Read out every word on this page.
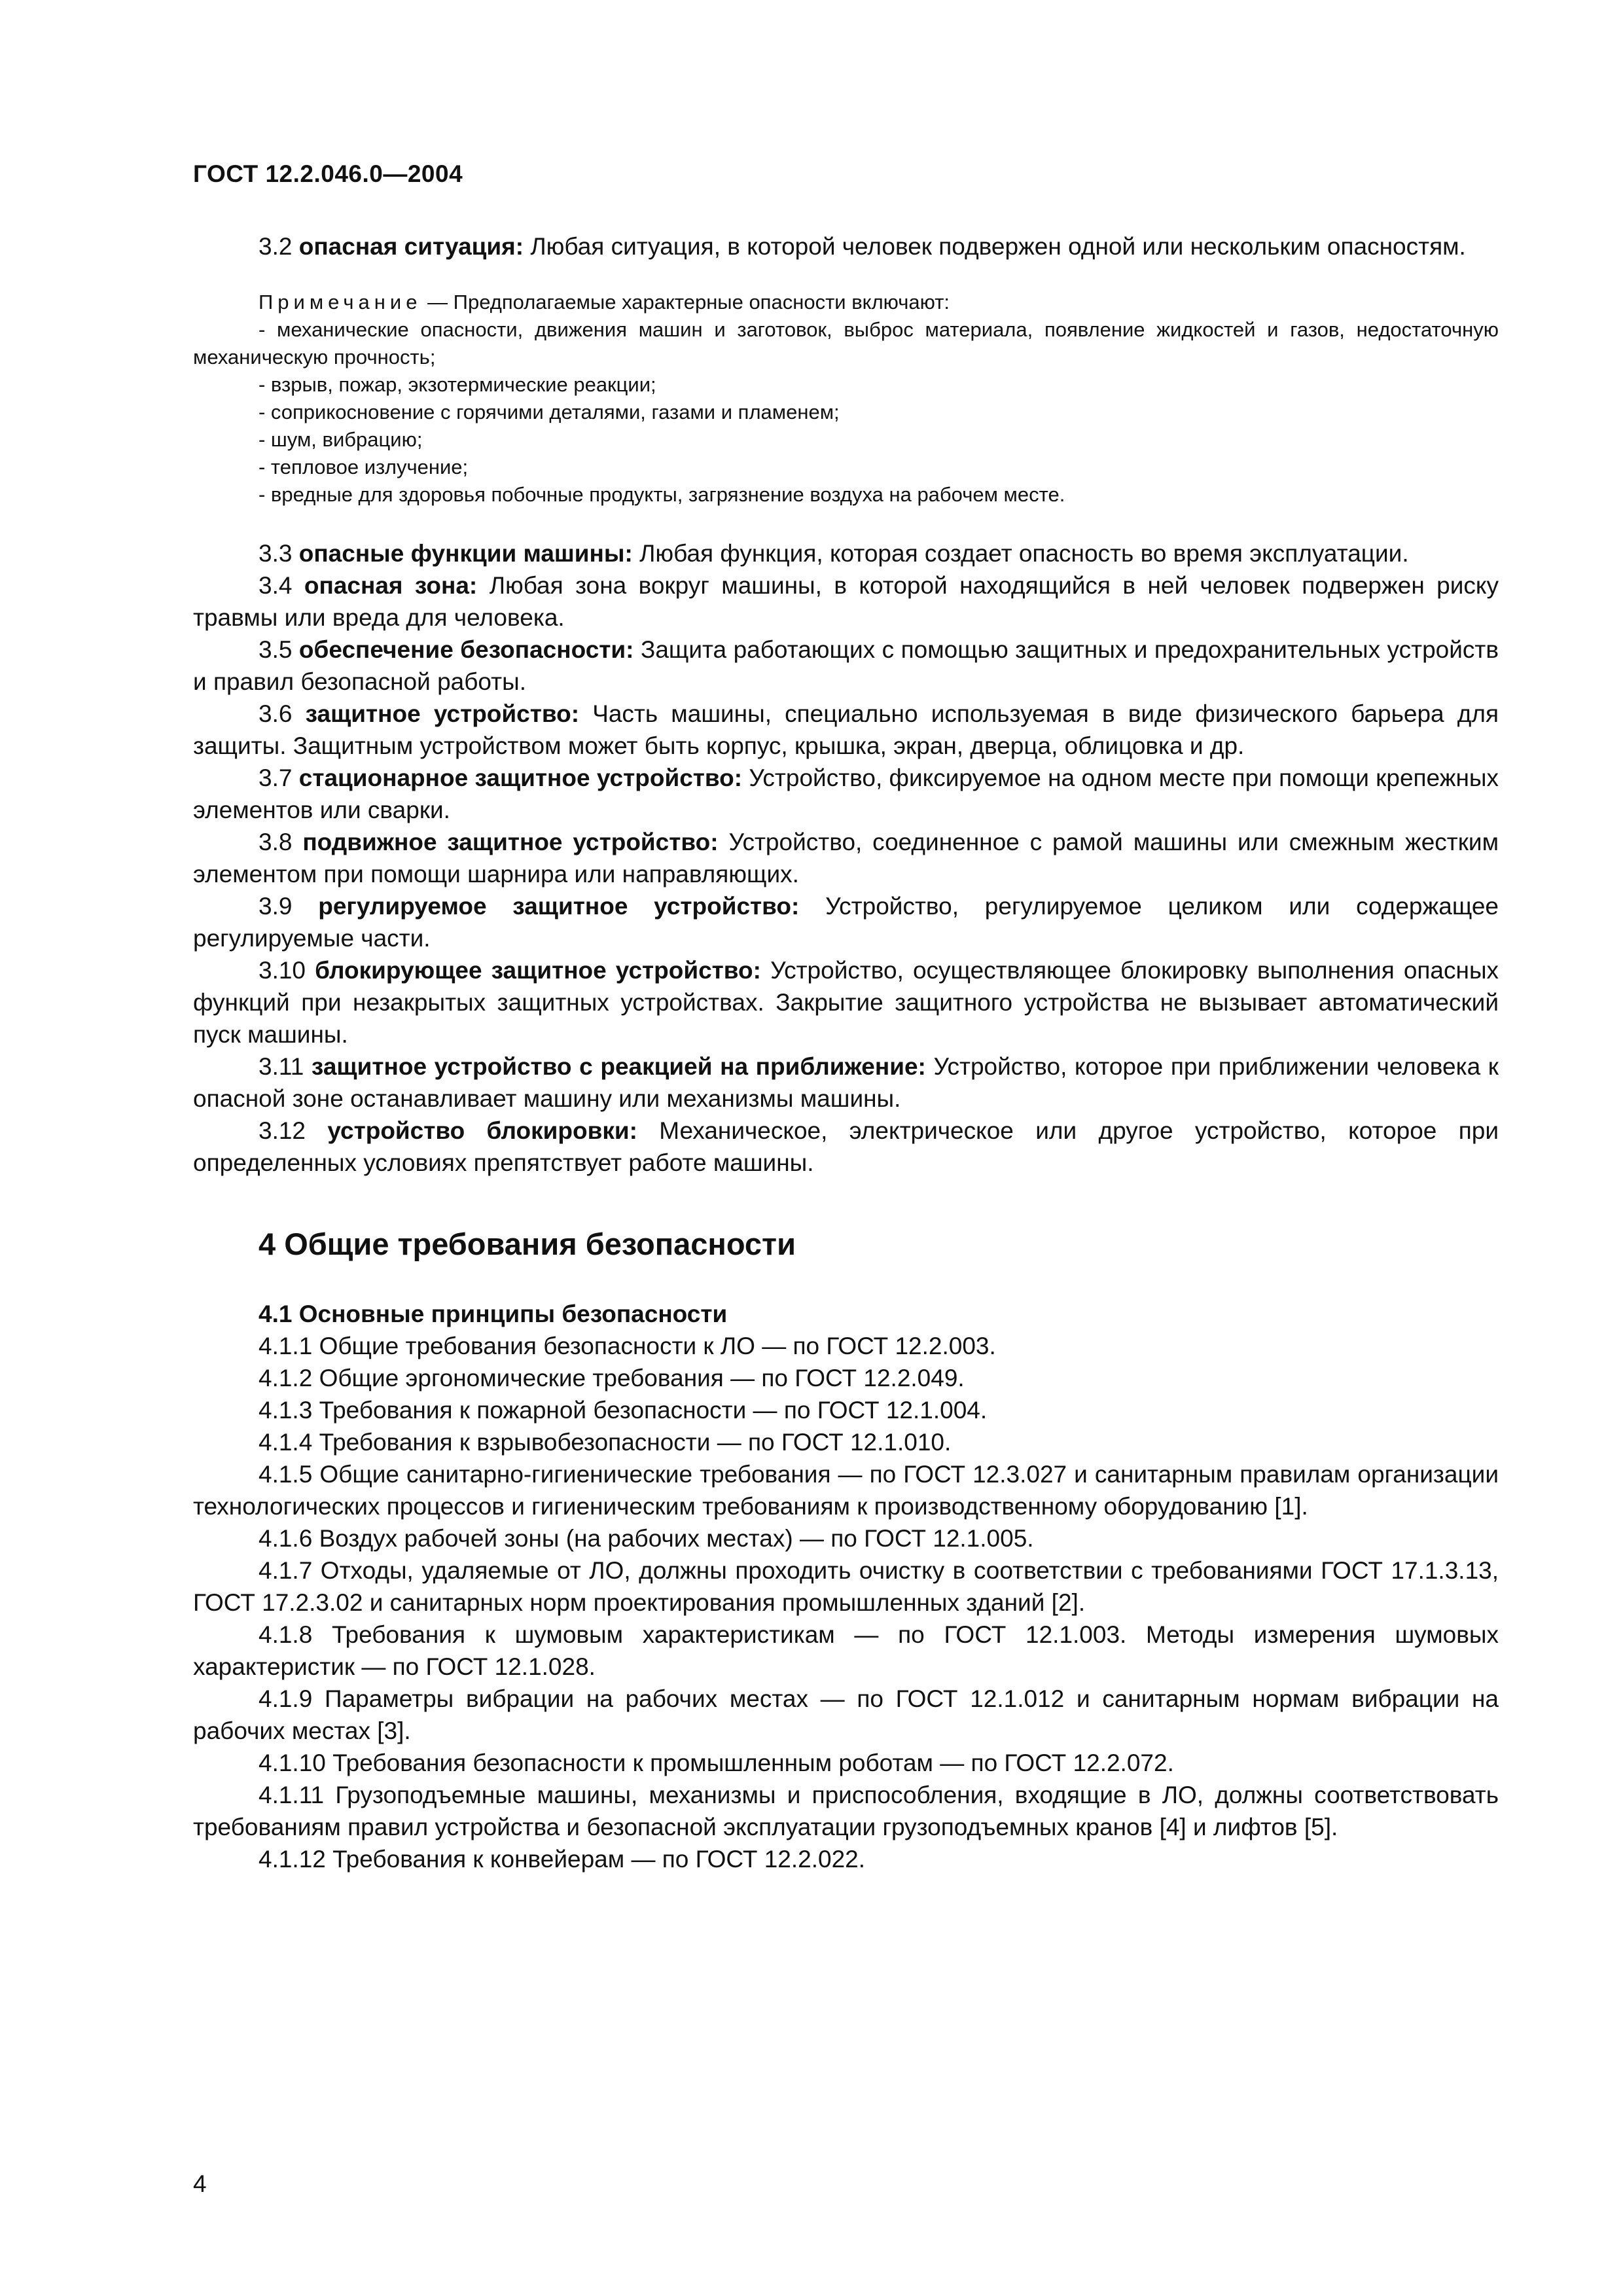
ГОСТ 12.2.046.0—2004

3.2 опасная ситуация: Любая ситуация, в которой человек подвержен одной или нескольким опасностям.

Примечание — Предполагаемые характерные опасности включают:

- механические опасности, движения машин и заготовок, выброс материала, появление жидкостей и газов, недостаточную механическую прочность;

- взрыв, пожар, экзотермические реакции;

- соприкосновение с горячими деталями, газами и пламенем;

- шум, вибрацию;

- тепловое излучение;

- вредные для здоровья побочные продукты, загрязнение воздуха на рабочем месте.

3.3 опасные функции машины: Любая функция, которая создает опасность во время эксплуатации.

3.4 опасная зона: Любая зона вокруг машины, в которой находящийся в ней человек подвержен риску травмы или вреда для человека.

3.5 обеспечение безопасности: Защита работающих с помощью защитных и предохранительных устройств и правил безопасной работы.

3.6 защитное устройство: Часть машины, специально используемая в виде физического барьера для защиты. Защитным устройством может быть корпус, крышка, экран, дверца, облицовка и др.

3.7 стационарное защитное устройство: Устройство, фиксируемое на одном месте при помощи крепежных элементов или сварки.

3.8 подвижное защитное устройство: Устройство, соединенное с рамой машины или смежным жестким элементом при помощи шарнира или направляющих.

3.9 регулируемое защитное устройство: Устройство, регулируемое целиком или содержащее регулируемые части.

3.10 блокирующее защитное устройство: Устройство, осуществляющее блокировку выполнения опасных функций при незакрытых защитных устройствах. Закрытие защитного устройства не вызывает автоматический пуск машины.

3.11 защитное устройство с реакцией на приближение: Устройство, которое при приближении человека к опасной зоне останавливает машину или механизмы машины.

3.12 устройство блокировки: Механическое, электрическое или другое устройство, которое при определенных условиях препятствует работе машины.

4 Общие требования безопасности

4.1 Основные принципы безопасности

4.1.1 Общие требования безопасности к ЛО — по ГОСТ 12.2.003.

4.1.2 Общие эргономические требования — по ГОСТ 12.2.049.

4.1.3 Требования к пожарной безопасности — по ГОСТ 12.1.004.

4.1.4 Требования к взрывобезопасности — по ГОСТ 12.1.010.

4.1.5 Общие санитарно-гигиенические требования — по ГОСТ 12.3.027 и санитарным правилам организации технологических процессов и гигиеническим требованиям к производственному оборудованию [1].

4.1.6 Воздух рабочей зоны (на рабочих местах) — по ГОСТ 12.1.005.

4.1.7 Отходы, удаляемые от ЛО, должны проходить очистку в соответствии с требованиями ГОСТ 17.1.3.13, ГОСТ 17.2.3.02 и санитарных норм проектирования промышленных зданий [2].

4.1.8 Требования к шумовым характеристикам — по ГОСТ 12.1.003. Методы измерения шумовых характеристик — по ГОСТ 12.1.028.

4.1.9 Параметры вибрации на рабочих местах — по ГОСТ 12.1.012 и санитарным нормам вибрации на рабочих местах [3].

4.1.10 Требования безопасности к промышленным роботам — по ГОСТ 12.2.072.

4.1.11 Грузоподъемные машины, механизмы и приспособления, входящие в ЛО, должны соответствовать требованиям правил устройства и безопасной эксплуатации грузоподъемных кранов [4] и лифтов [5].

4.1.12 Требования к конвейерам — по ГОСТ 12.2.022.

4
